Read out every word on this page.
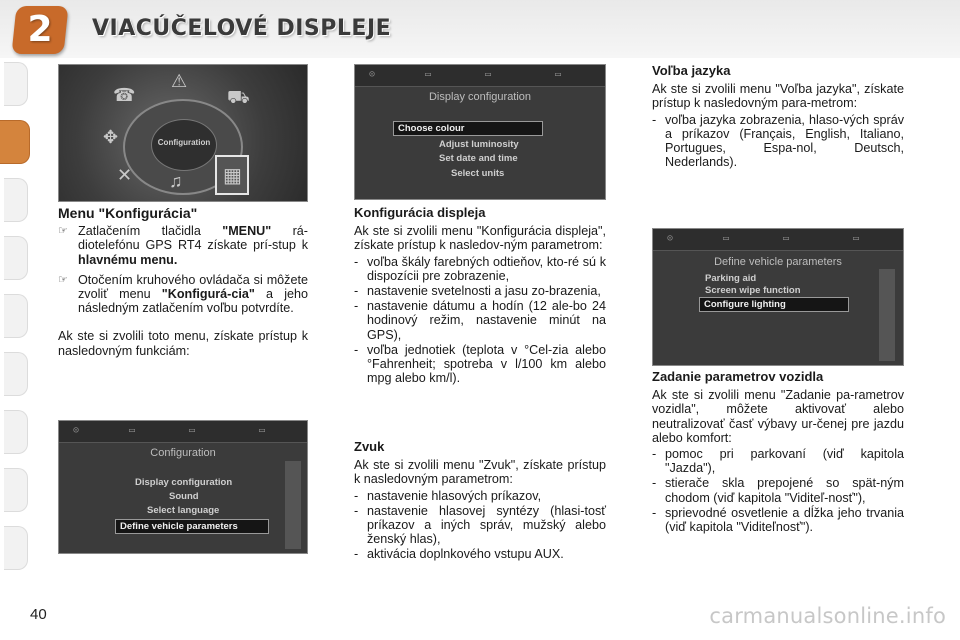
2	VIACÚČELOVÉ DISPLEJE
Configuration
☎
⚠
⛟
✥
✕ ♫ ▦
⊙	▭	▭	▭
Display configuration
Choose colour
Adjust luminosity
Set date and time
Select units
⊙	▭	▭	▭
Define vehicle parameters
Parking aid
Screen wipe function
Configure lighting
⊙	▭	▭	▭
Configuration
Display configuration
Sound
Select language
Define vehicle parameters
Menu "Konfigurácia"
☞ Zatlačením tlačidla "MENU" rá-diotelefónu GPS RT4 získate prí-stup k hlavnému menu.
☞ Otočením kruhového ovládača si môžete zvoliť menu "Konfigurá-cia" a jeho následným zatlačením voľbu potvrdíte.

Ak ste si zvolili toto menu, získate prístup k nasledovným funkciám:

Konfigurácia displeja

Ak ste si zvolili menu "Konfigurácia displeja", získate prístup k nasledov-ným parametrom:

- voľba škály farebných odtieňov, kto-ré sú k dispozícii pre zobrazenie,
- nastavenie svetelnosti a jasu zo-brazenia,
- nastavenie dátumu a hodín (12 ale-bo 24 hodinový režim, nastavenie minút na GPS),
- voľba jednotiek (teplota v °Cel-zia alebo °Fahrenheit; spotreba v l/100 km alebo mpg alebo km/l).
Zvuk

Ak ste si zvolili menu "Zvuk", získate prístup k nasledovným parametrom:

- nastavenie hlasových príkazov,
- nastavenie hlasovej syntézy (hlasi-tosť príkazov a iných správ, mužský alebo ženský hlas),
- aktivácia doplnkového vstupu AUX.
Voľba jazyka

Ak ste si zvolili menu "Voľba jazyka", získate prístup k nasledovným para-metrom:

- voľba jazyka zobrazenia, hlaso-vých správ a príkazov (Français, English, Italiano, Portugues, Espa-nol, Deutsch, Nederlands).
Zadanie parametrov vozidla

Ak ste si zvolili menu "Zadanie pa-rametrov vozidla", môžete aktivovať alebo neutralizovať časť výbavy ur-čenej pre jazdu alebo komfort:

- pomoc pri parkovaní (viď kapitola "Jazda"),
- stierače skla prepojené so spät-ným chodom (viď kapitola "Viditeľ-nosť"),
- sprievodné osvetlenie a dĺžka jeho trvania (viď kapitola "Viditeľnosť").
40	carmanualsonline.info
